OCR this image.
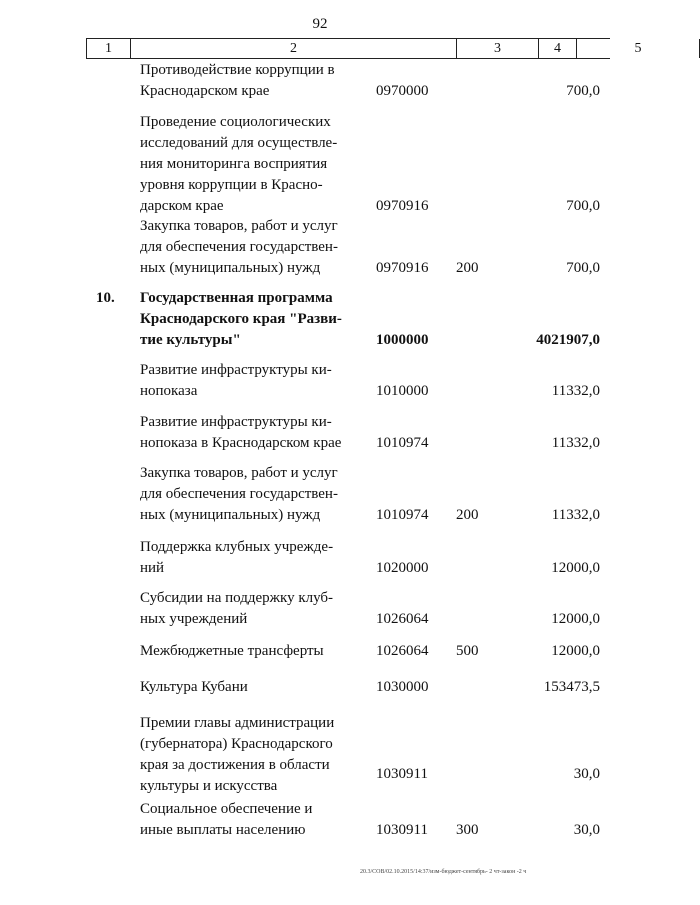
92
1	2	3	4	5
Противодействие коррупции в
Краснодарском крае	0970000	700,0
Проведение социологических
исследований для осуществле-
ния мониторинга восприятия
уровня коррупции в Красно-
дарском крае	0970916	700,0
Закупка товаров, работ и услуг
для обеспечения государствен-
ных (муниципальных) нужд	0970916	200	700,0
10.	Государственная программа
Краснодарского края "Разви-
тие культуры"	1000000	4021907,0
Развитие инфраструктуры ки-
нопоказа	1010000	11332,0
Развитие инфраструктуры ки-
нопоказа в Краснодарском крае	1010974	11332,0
Закупка товаров, работ и услуг
для обеспечения государствен-
ных (муниципальных) нужд	1010974	200	11332,0
Поддержка клубных учрежде-
ний	1020000	12000,0
Субсидии на поддержку клуб-
ных учреждений	1026064	12000,0
Межбюджетные трансферты	1026064	500	12000,0
Культура Кубани	1030000	153473,5
Премии главы администрации
(губернатора) Краснодарского
края за достижения в области
культуры и искусства
1030911	30,0
Социальное обеспечение и
иные выплаты населению	1030911	300	30,0
20.3/СОВ/02.10.2015/14:37/изм-бюджет-сентябрь- 2 чт-закон -2 ч
